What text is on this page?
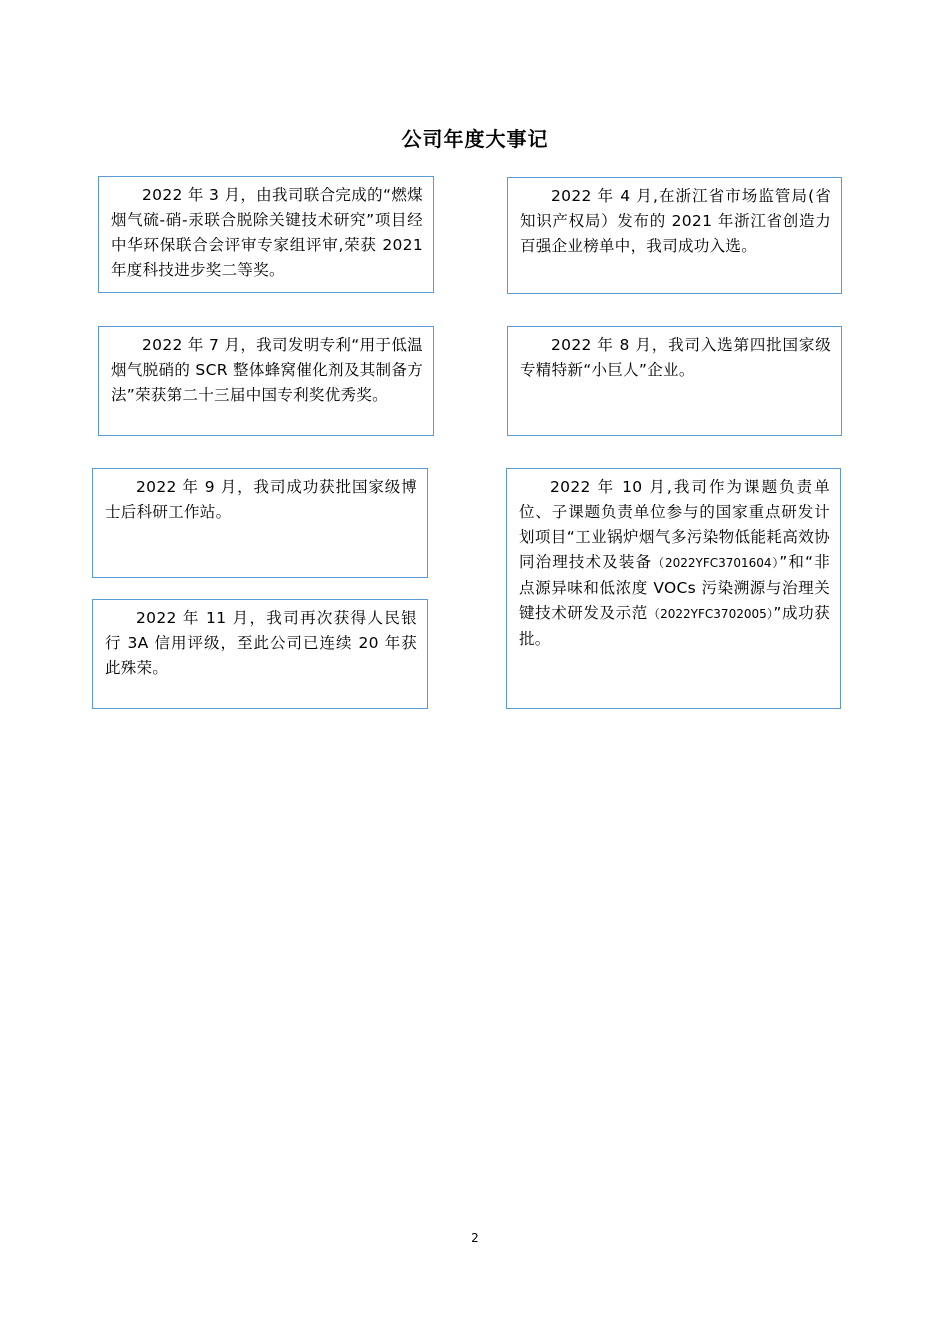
公司年度大事记
2022 年 3 月，由我司联合完成的“燃煤烟气硫-硝-汞联合脱除关键技术研究”项目经中华环保联合会评审专家组评审,荣获 2021 年度科技进步奖二等奖。
2022 年 4 月,在浙江省市场监管局(省知识产权局）发布的 2021 年浙江省创造力百强企业榜单中，我司成功入选。
2022 年 7 月，我司发明专利“用于低温烟气脱硝的 SCR 整体蜂窝催化剂及其制备方法”荣获第二十三届中国专利奖优秀奖。
2022 年 8 月，我司入选第四批国家级专精特新“小巨人”企业。
2022 年 9 月，我司成功获批国家级博士后科研工作站。
2022 年 10 月,我司作为课题负责单位、子课题负责单位参与的国家重点研发计划项目“工业锅炉烟气多污染物低能耗高效协同治理技术及装备（2022YFC3701604）”和“非点源异味和低浓度 VOCs 污染溯源与治理关键技术研发及示范（2022YFC3702005）”成功获批。
2022 年 11 月，我司再次获得人民银行 3A 信用评级，至此公司已连续 20 年获此殊荣。
2
